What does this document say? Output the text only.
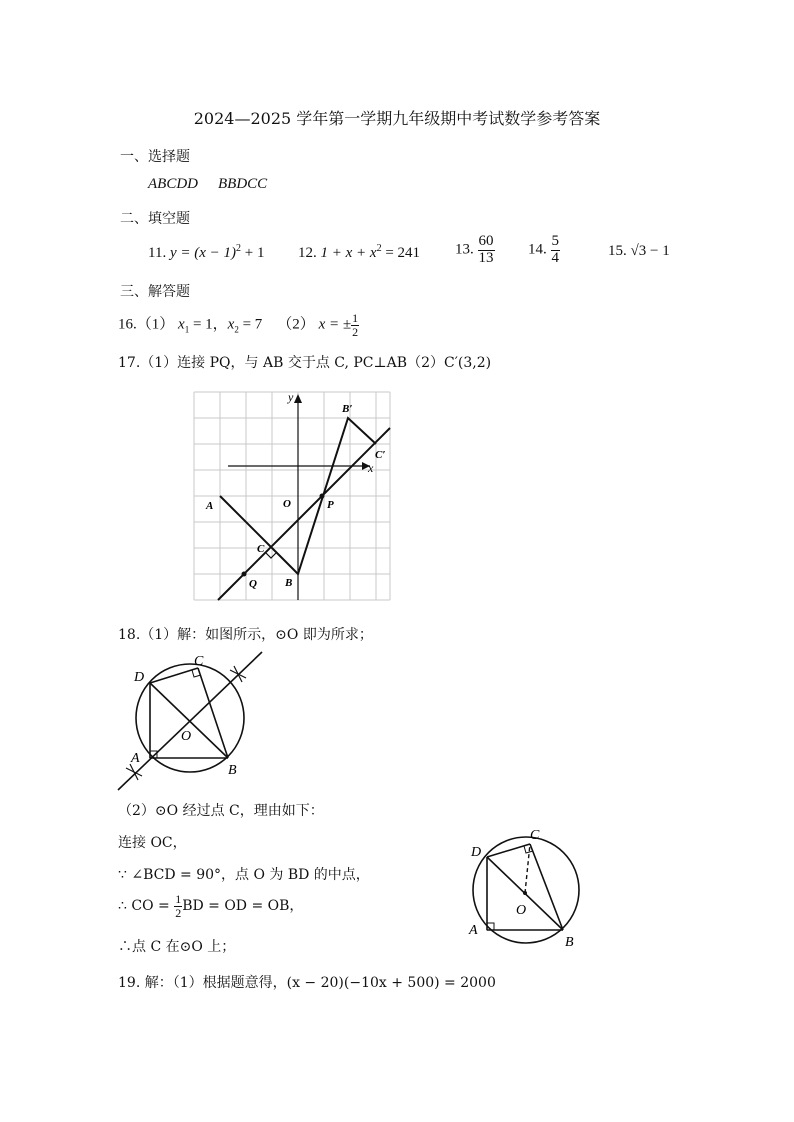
2024—2025 学年第一学期九年级期中考试数学参考答案
一、选择题
ABCDD BBDCC
二、填空题
11. $y = (x - 1)^2 + 1$ 12. $1 + x + x^2 = 241$ 13. $\frac{60}{13} 14$. $\frac{5}{4}$	15. √3 − 1
三、解答题
16.（1） $x_1 = 1$，$x_2 = 7$ （2） x = ± $\frac{1}{2}$
17.（1）连接 PQ，与 AB 交于点 C, PC⊥AB（2）C′(3,2)
y
x
B′
C′
A	O	P
C
Q	B
18.（1）解：如图所示，⊙O 即为所求；
D
C
O
A
B
（2）⊙O 经过点 C，理由如下：
连接 OC，
∵ ∠BCD = 90°，点 O 为 BD 的中点，
∴ CO = $\frac{1}{2}$ BD = OD = OB，
∴点 C 在⊙O 上；
D
C
O
A
B
19. 解：（1）根据题意得，(x − 20)(−10x + 500) = 2000
